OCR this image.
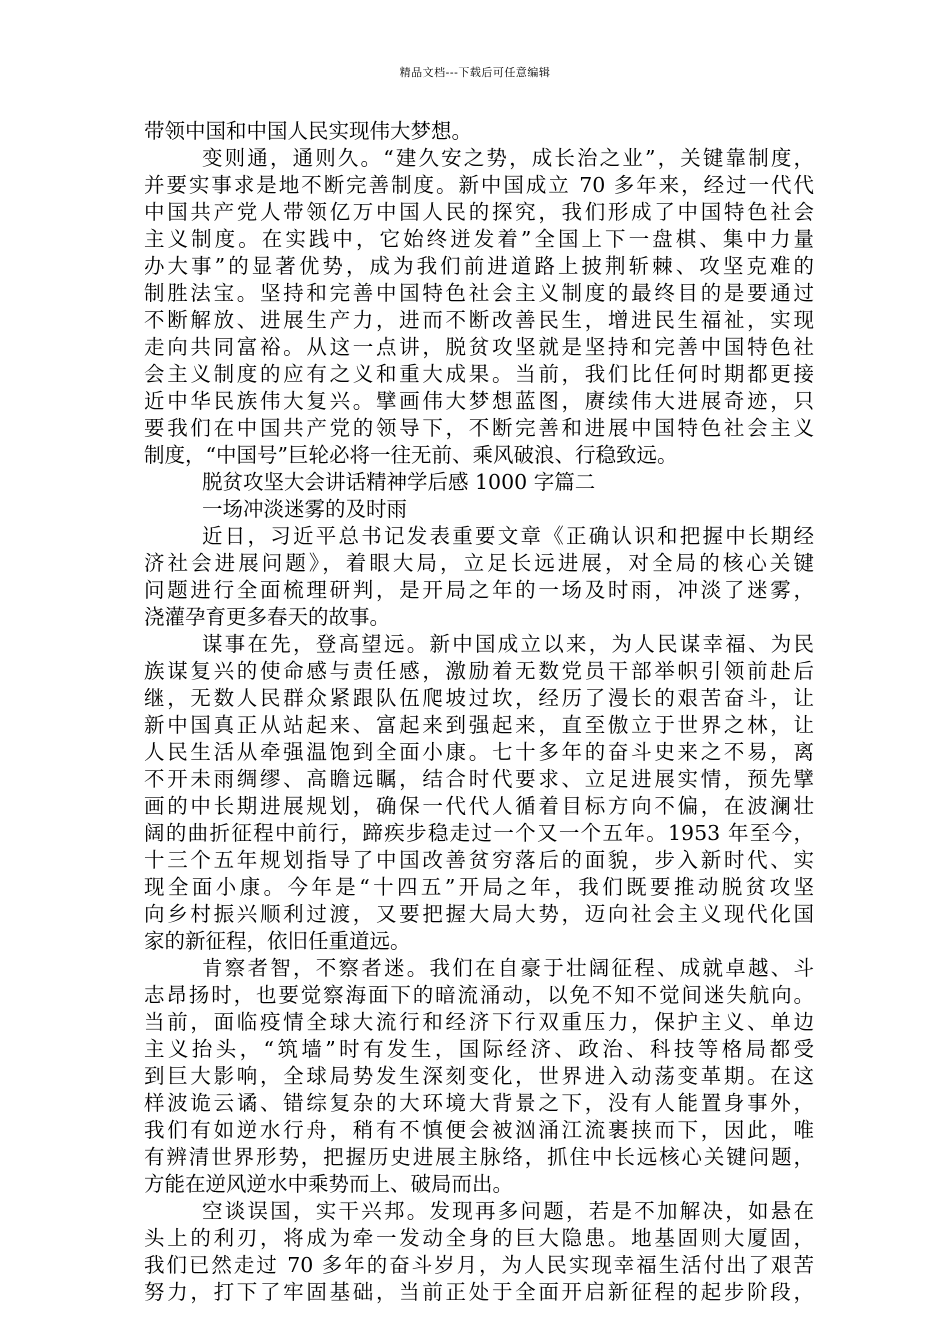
精品文档---下载后可任意编辑
带领中国和中国人民实现伟大梦想。
变则通，通则久。“建久安之势，成长治之业”，关键靠制度，
并要实事求是地不断完善制度。新中国成立 70 多年来，经过一代代
中国共产党人带领亿万中国人民的探究，我们形成了中国特色社会
主义制度。在实践中，它始终迸发着”全国上下一盘棋、集中力量
办大事”的显著优势，成为我们前进道路上披荆斩棘、攻坚克难的
制胜法宝。坚持和完善中国特色社会主义制度的最终目的是要通过
不断解放、进展生产力，进而不断改善民生，增进民生福祉，实现
走向共同富裕。从这一点讲，脱贫攻坚就是坚持和完善中国特色社
会主义制度的应有之义和重大成果。当前，我们比任何时期都更接
近中华民族伟大复兴。擘画伟大梦想蓝图，赓续伟大进展奇迹，只
要我们在中国共产党的领导下，不断完善和进展中国特色社会主义
制度，“中国号”巨轮必将一往无前、乘风破浪、行稳致远。
脱贫攻坚大会讲话精神学后感 1000 字篇二
一场冲淡迷雾的及时雨
近日，习近平总书记发表重要文章《正确认识和把握中长期经
济社会进展问题》，着眼大局，立足长远进展，对全局的核心关键
问题进行全面梳理研判，是开局之年的一场及时雨，冲淡了迷雾，
浇灌孕育更多春天的故事。
谋事在先，登高望远。新中国成立以来，为人民谋幸福、为民
族谋复兴的使命感与责任感，激励着无数党员干部举帜引领前赴后
继，无数人民群众紧跟队伍爬坡过坎，经历了漫长的艰苦奋斗，让
新中国真正从站起来、富起来到强起来，直至傲立于世界之林，让
人民生活从牵强温饱到全面小康。七十多年的奋斗史来之不易，离
不开未雨绸缪、高瞻远瞩，结合时代要求、立足进展实情，预先擘
画的中长期进展规划，确保一代代人循着目标方向不偏，在波澜壮
阔的曲折征程中前行，蹄疾步稳走过一个又一个五年。1953 年至今，
十三个五年规划指导了中国改善贫穷落后的面貌，步入新时代、实
现全面小康。今年是“十四五”开局之年，我们既要推动脱贫攻坚
向乡村振兴顺利过渡，又要把握大局大势，迈向社会主义现代化国
家的新征程，依旧任重道远。
肯察者智，不察者迷。我们在自豪于壮阔征程、成就卓越、斗
志昂扬时，也要觉察海面下的暗流涌动，以免不知不觉间迷失航向。
当前，面临疫情全球大流行和经济下行双重压力，保护主义、单边
主义抬头，“筑墙”时有发生，国际经济、政治、科技等格局都受
到巨大影响，全球局势发生深刻变化，世界进入动荡变革期。在这
样波诡云谲、错综复杂的大环境大背景之下，没有人能置身事外，
我们有如逆水行舟，稍有不慎便会被汹涌江流裹挟而下，因此，唯
有辨清世界形势，把握历史进展主脉络，抓住中长远核心关键问题，
方能在逆风逆水中乘势而上、破局而出。
空谈误国，实干兴邦。发现再多问题，若是不加解决，如悬在
头上的利刃，将成为牵一发动全身的巨大隐患。地基固则大厦固，
我们已然走过 70 多年的奋斗岁月，为人民实现幸福生活付出了艰苦
努力，打下了牢固基础，当前正处于全面开启新征程的起步阶段，
